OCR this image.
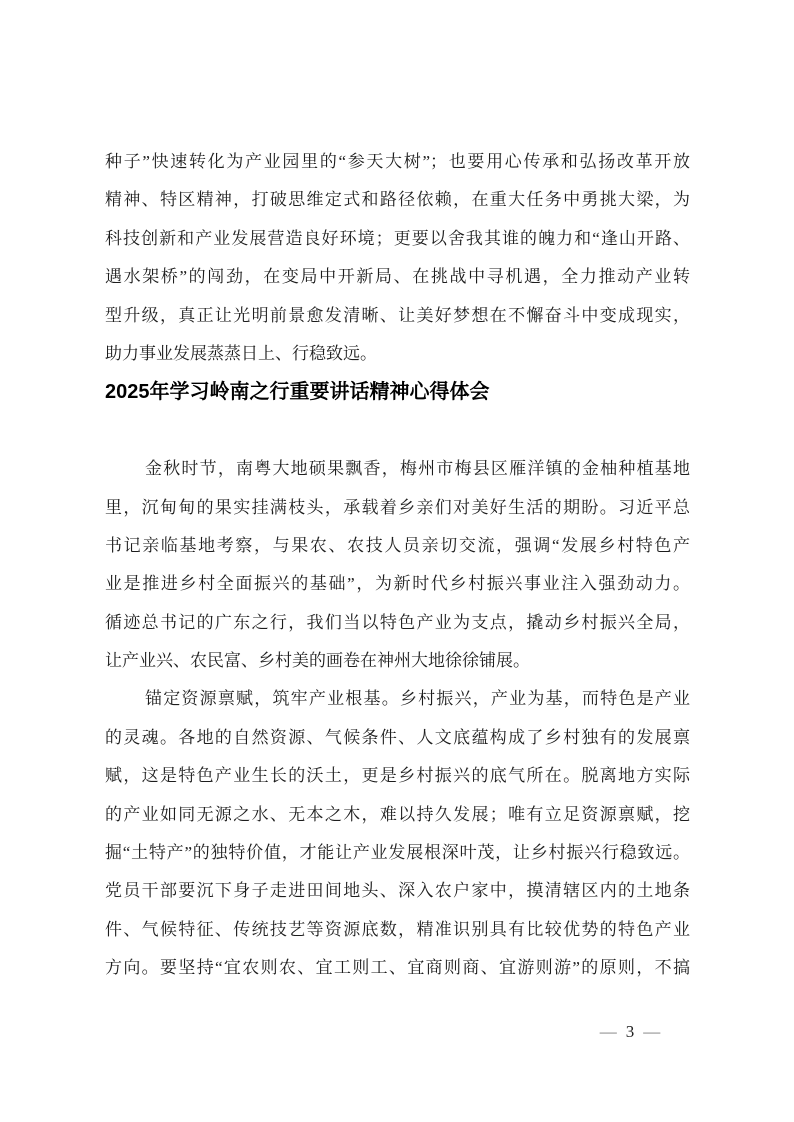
种子”快速转化为产业园里的“参天大树”；也要用心传承和弘扬改革开放
精神、特区精神，打破思维定式和路径依赖，在重大任务中勇挑大梁，为
科技创新和产业发展营造良好环境；更要以舍我其谁的魄力和“逢山开路、
遇水架桥”的闯劲，在变局中开新局、在挑战中寻机遇，全力推动产业转
型升级，真正让光明前景愈发清晰、让美好梦想在不懈奋斗中变成现实，
助力事业发展蒸蒸日上、行稳致远。
2025年学习岭南之行重要讲话精神心得体会
金秋时节，南粤大地硕果飘香，梅州市梅县区雁洋镇的金柚种植基地
里，沉甸甸的果实挂满枝头，承载着乡亲们对美好生活的期盼。习近平总
书记亲临基地考察，与果农、农技人员亲切交流，强调“发展乡村特色产
业是推进乡村全面振兴的基础”，为新时代乡村振兴事业注入强劲动力。
循迹总书记的广东之行，我们当以特色产业为支点，撬动乡村振兴全局，
让产业兴、农民富、乡村美的画卷在神州大地徐徐铺展。
锚定资源禀赋，筑牢产业根基。乡村振兴，产业为基，而特色是产业
的灵魂。各地的自然资源、气候条件、人文底蕴构成了乡村独有的发展禀
赋，这是特色产业生长的沃土，更是乡村振兴的底气所在。脱离地方实际
的产业如同无源之水、无本之木，难以持久发展；唯有立足资源禀赋，挖
掘“土特产”的独特价值，才能让产业发展根深叶茂，让乡村振兴行稳致远。
党员干部要沉下身子走进田间地头、深入农户家中，摸清辖区内的土地条
件、气候特征、传统技艺等资源底数，精准识别具有比较优势的特色产业
方向。要坚持“宜农则农、宜工则工、宜商则商、宜游则游”的原则，不搞
— 3 —
